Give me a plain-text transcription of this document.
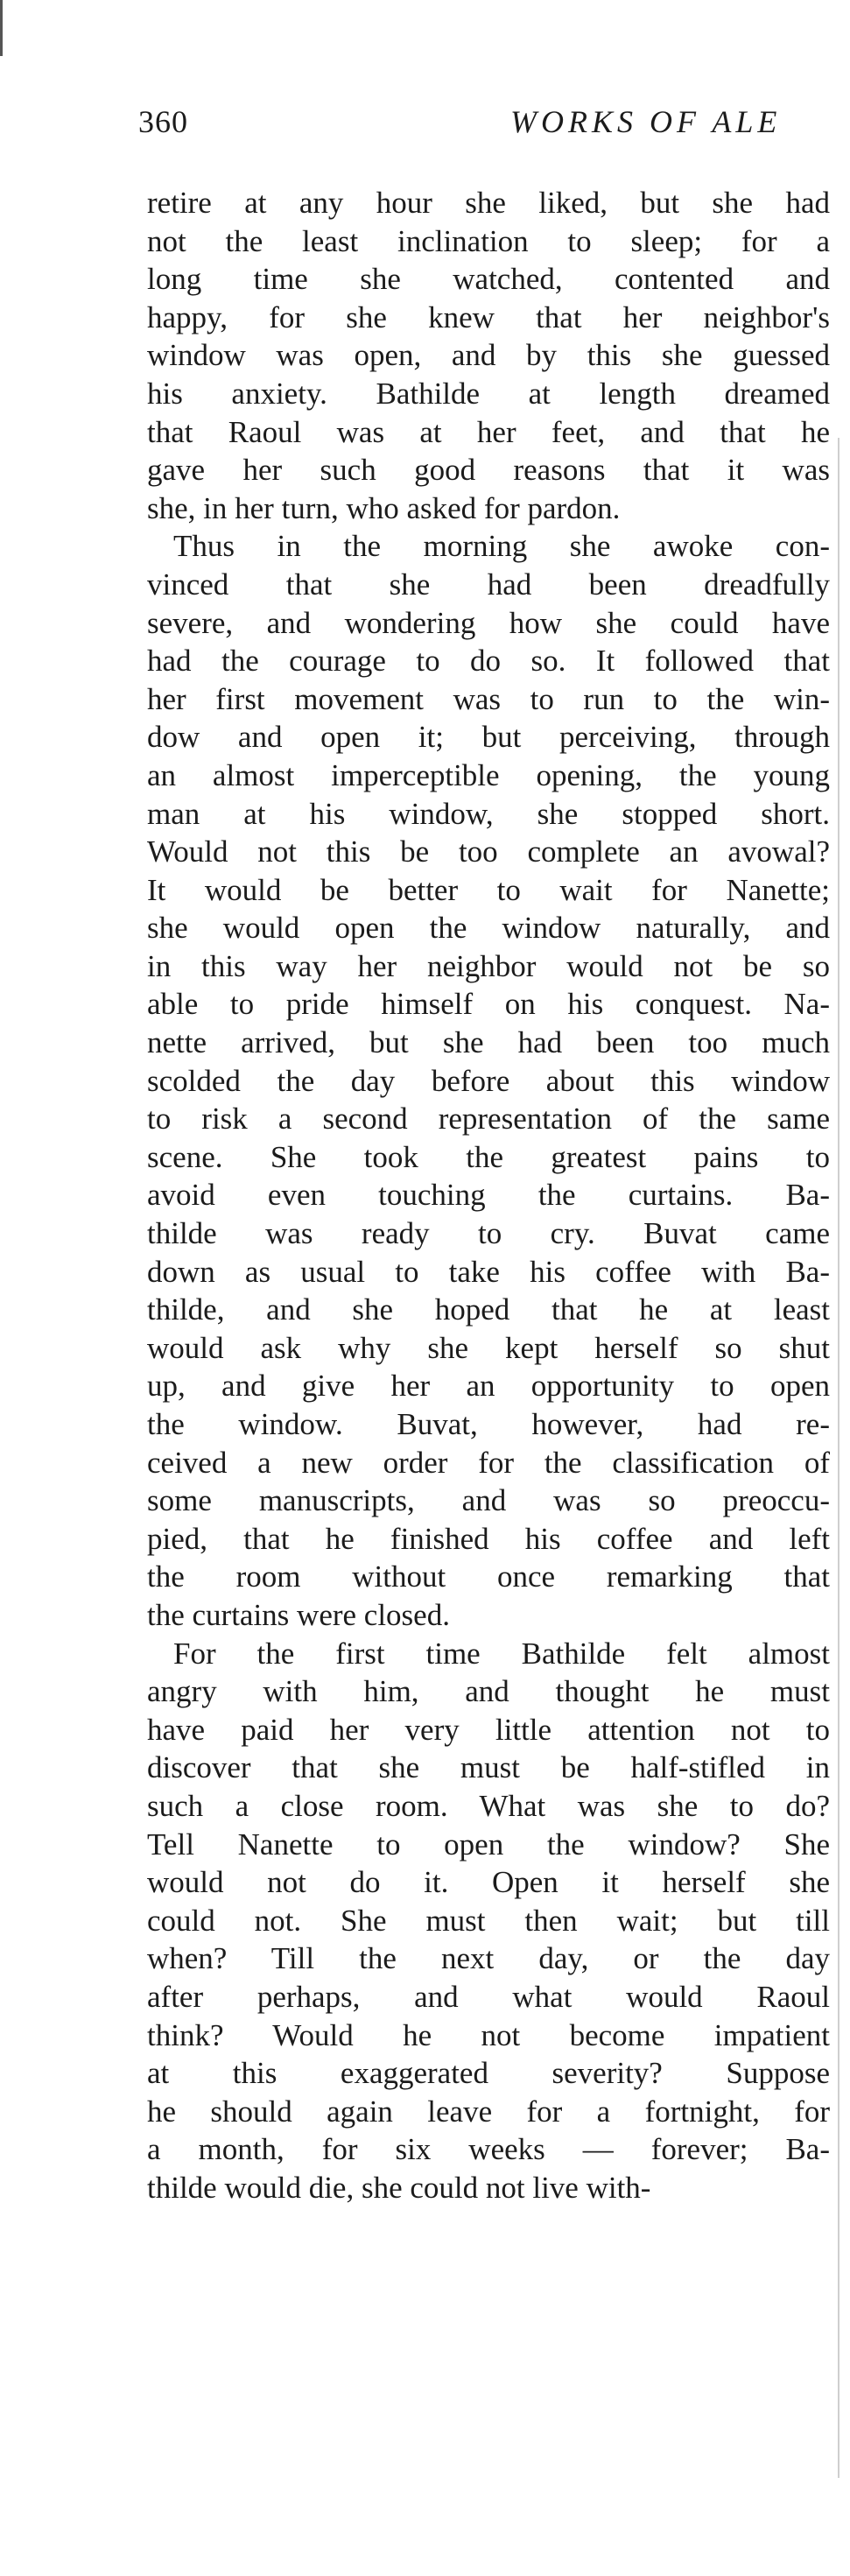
360	WORKS OF ALE
retire at any hour she liked, but she had
not the least inclination to sleep; for a
long time she watched, contented and
happy, for she knew that her neighbor's
window was open, and by this she guessed
his anxiety. Bathilde at length dreamed
that Raoul was at her feet, and that he
gave her such good reasons that it was
she, in her turn, who asked for pardon.
Thus in the morning she awoke con-
vinced that she had been dreadfully
severe, and wondering how she could have
had the courage to do so. It followed that
her first movement was to run to the win-
dow and open it; but perceiving, through
an almost imperceptible opening, the young
man at his window, she stopped short.
Would not this be too complete an avowal?
It would be better to wait for Nanette;
she would open the window naturally, and
in this way her neighbor would not be so
able to pride himself on his conquest. Na-
nette arrived, but she had been too much
scolded the day before about this window
to risk a second representation of the same
scene. She took the greatest pains to
avoid even touching the curtains. Ba-
thilde was ready to cry. Buvat came
down as usual to take his coffee with Ba-
thilde, and she hoped that he at least
would ask why she kept herself so shut
up, and give her an opportunity to open
the window. Buvat, however, had re-
ceived a new order for the classification of
some manuscripts, and was so preoccu-
pied, that he finished his coffee and left
the room without once remarking that
the curtains were closed.
For the first time Bathilde felt almost
angry with him, and thought he must
have paid her very little attention not to
discover that she must be half-stifled in
such a close room. What was she to do?
Tell Nanette to open the window? She
would not do it. Open it herself she
could not. She must then wait; but till
when? Till the next day, or the day
after perhaps, and what would Raoul
think? Would he not become impatient
at this exaggerated severity? Suppose
he should again leave for a fortnight, for
a month, for six weeks — forever; Ba-
thilde would die, she could not live with-
